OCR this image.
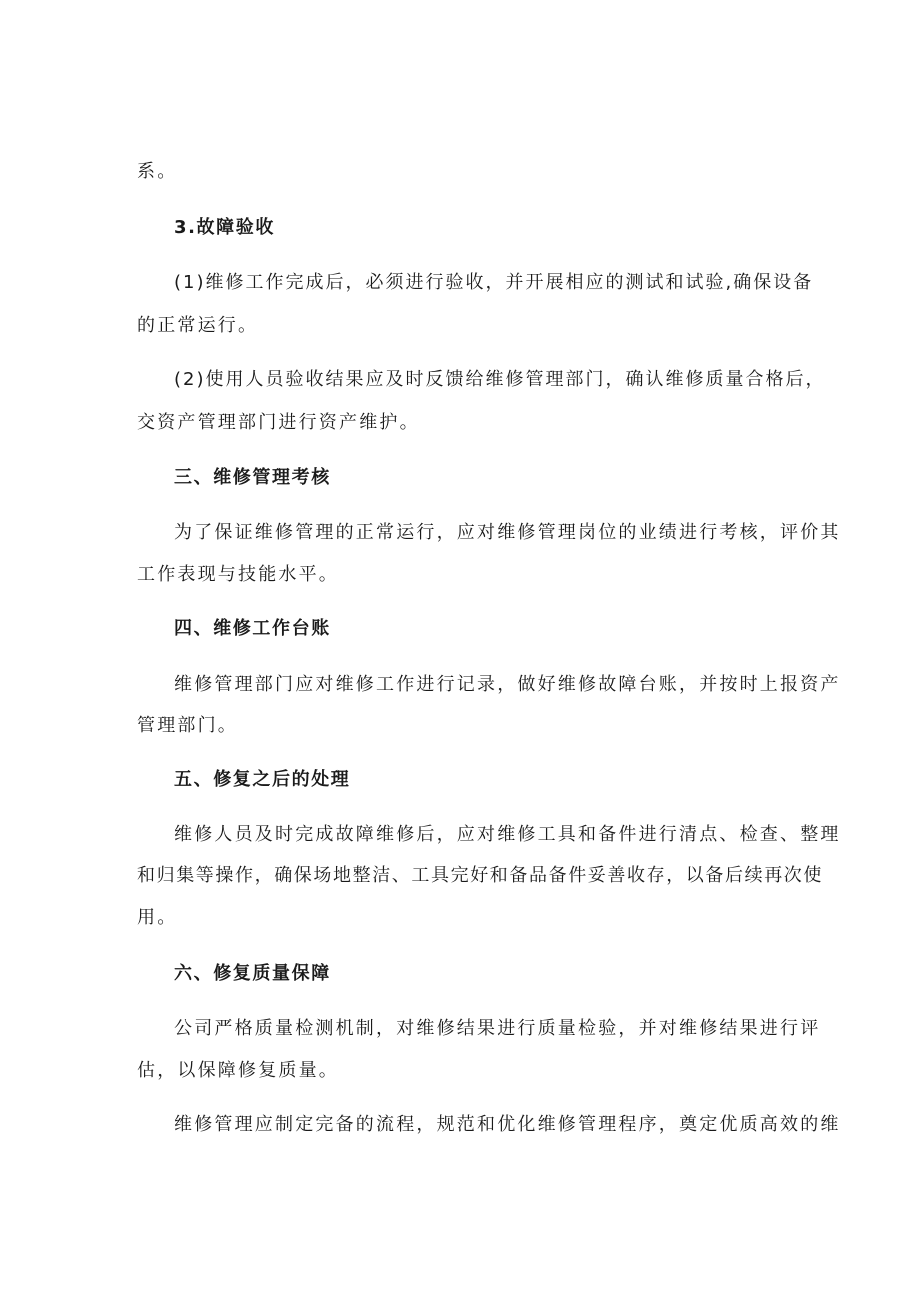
系。
3.故障验收
(1)维修工作完成后，必须进行验收，并开展相应的测试和试验,确保设备
的正常运行。
(2)使用人员验收结果应及时反馈给维修管理部门，确认维修质量合格后，
交资产管理部门进行资产维护。
三、维修管理考核
为了保证维修管理的正常运行，应对维修管理岗位的业绩进行考核，评价其
工作表现与技能水平。
四、维修工作台账
维修管理部门应对维修工作进行记录，做好维修故障台账，并按时上报资产
管理部门。
五、修复之后的处理
维修人员及时完成故障维修后，应对维修工具和备件进行清点、检查、整理
和归集等操作，确保场地整洁、工具完好和备品备件妥善收存，以备后续再次使
用。
六、修复质量保障
公司严格质量检测机制，对维修结果进行质量检验，并对维修结果进行评
估，以保障修复质量。
维修管理应制定完备的流程，规范和优化维修管理程序，奠定优质高效的维
